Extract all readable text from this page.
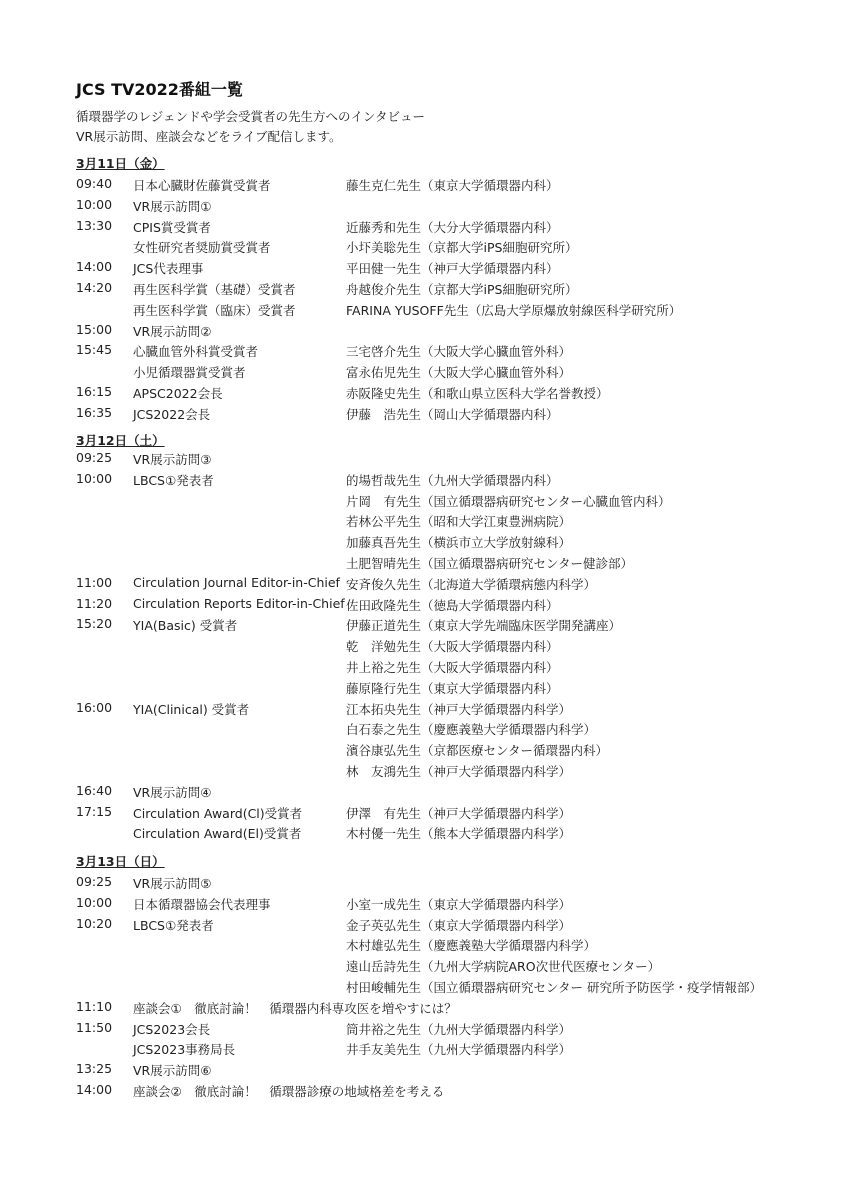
JCS TV2022番組一覧
循環器学のレジェンドや学会受賞者の先生方へのインタビュー
VR展示訪問、座談会などをライブ配信します。
3月11日（金）
09:40 日本心臓財佐藤賞受賞者	藤生克仁先生（東京大学循環器内科）
10:00 VR展示訪問①
13:30 CPIS賞受賞者	近藤秀和先生（大分大学循環器内科）
女性研究者奨励賞受賞者	小圷美聡先生（京都大学iPS細胞研究所）
14:00 JCS代表理事	平田健一先生（神戸大学循環器内科）
14:20 再生医科学賞（基礎）受賞者	舟越俊介先生（京都大学iPS細胞研究所）
再生医科学賞（臨床）受賞者	FARINA YUSOFF先生（広島大学原爆放射線医科学研究所）
15:00 VR展示訪問②
15:45 心臓血管外科賞受賞者	三宅啓介先生（大阪大学心臓血管外科）
小児循環器賞受賞者	富永佑児先生（大阪大学心臓血管外科）
16:15 APSC2022会長	赤阪隆史先生（和歌山県立医科大学名誉教授）
16:35 JCS2022会長	伊藤　浩先生（岡山大学循環器内科）
3月12日（土）
09:25 VR展示訪問③
10:00 LBCS①発表者	的場哲哉先生（九州大学循環器内科）
片岡　有先生（国立循環器病研究センター心臓血管内科）
若林公平先生（昭和大学江東豊洲病院）
加藤真吾先生（横浜市立大学放射線科）
土肥智晴先生（国立循環器病研究センター健診部）
11:00 Circulation Journal Editor-in-Chief 安斉俊久先生（北海道大学循環病態内科学）
11:20 Circulation Reports Editor-in-Chief 佐田政隆先生（徳島大学循環器内科）
15:20 YIA(Basic) 受賞者	伊藤正道先生（東京大学先端臨床医学開発講座）
乾　洋勉先生（大阪大学循環器内科）
井上裕之先生（大阪大学循環器内科）
藤原隆行先生（東京大学循環器内科）
16:00 YIA(Clinical) 受賞者	江本拓央先生（神戸大学循環器内科学）
白石泰之先生（慶應義塾大学循環器内科学）
濱谷康弘先生（京都医療センター循環器内科）
林　友鴻先生（神戸大学循環器内科学）
16:40 VR展示訪問④
17:15 Circulation Award(Cl)受賞者	伊澤　有先生（神戸大学循環器内科学）
Circulation Award(El)受賞者	木村優一先生（熊本大学循環器内科学）
3月13日（日）
09:25 VR展示訪問⑤
10:00 日本循環器協会代表理事	小室一成先生（東京大学循環器内科学）
10:20 LBCS①発表者	金子英弘先生（東京大学循環器内科学）
木村雄弘先生（慶應義塾大学循環器内科学）
遠山岳詩先生（九州大学病院ARO次世代医療センター）
村田峻輔先生（国立循環器病研究センター 研究所予防医学・疫学情報部）
11:10 座談会①　徹底討論！　循環器内科専攻医を増やすには？
11:50 JCS2023会長	筒井裕之先生（九州大学循環器内科学）
JCS2023事務局長	井手友美先生（九州大学循環器内科学）
13:25 VR展示訪問⑥
14:00 座談会②　徹底討論！　循環器診療の地域格差を考える
